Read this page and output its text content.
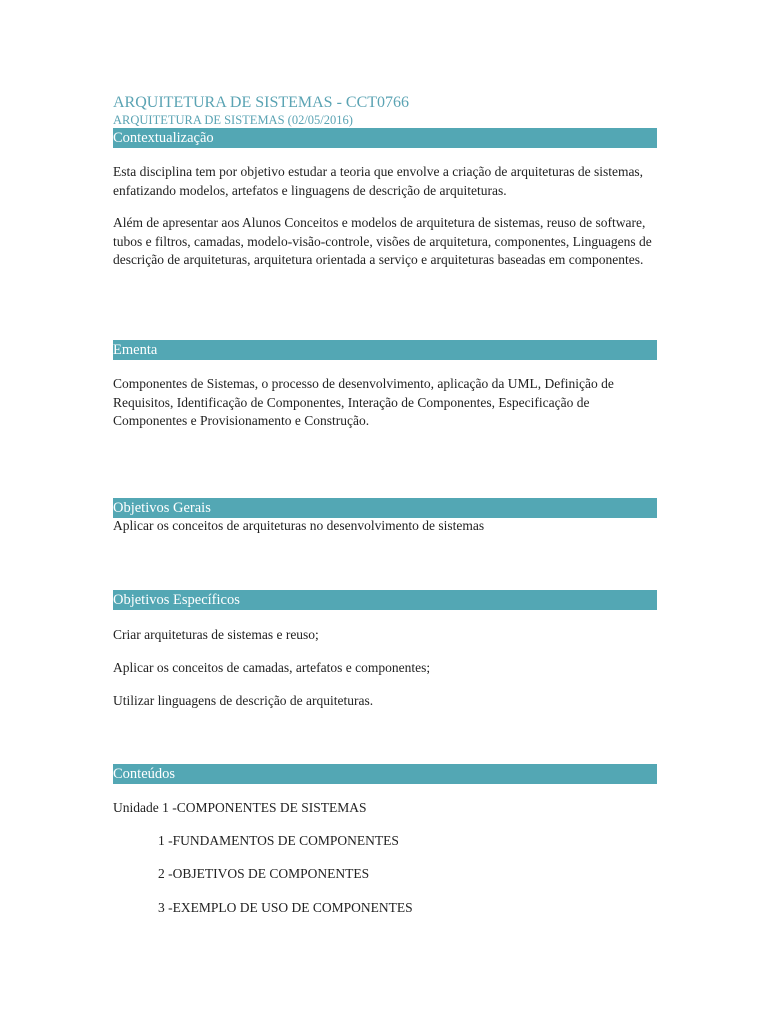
ARQUITETURA DE SISTEMAS - CCT0766
ARQUITETURA DE SISTEMAS (02/05/2016)
Contextualização
Esta disciplina tem por objetivo estudar a teoria que envolve a criação de arquiteturas de sistemas, enfatizando modelos, artefatos e linguagens de descrição de arquiteturas.
Além de apresentar aos Alunos Conceitos e modelos de arquitetura de sistemas, reuso de software, tubos e filtros, camadas, modelo-visão-controle, visões de arquitetura, componentes, Linguagens de descrição de arquiteturas, arquitetura orientada a serviço e arquiteturas baseadas em componentes.
Ementa
Componentes de Sistemas, o processo de desenvolvimento, aplicação da UML, Definição de Requisitos, Identificação de Componentes, Interação de Componentes, Especificação de Componentes e Provisionamento e Construção.
Objetivos Gerais
Aplicar os conceitos de arquiteturas no desenvolvimento de sistemas
Objetivos Específicos
Criar arquiteturas de sistemas e reuso;
Aplicar os conceitos de camadas, artefatos e componentes;
Utilizar linguagens de descrição de arquiteturas.
Conteúdos
Unidade 1 -COMPONENTES DE SISTEMAS
1 -FUNDAMENTOS DE COMPONENTES
2 -OBJETIVOS DE COMPONENTES
3 -EXEMPLO DE USO DE COMPONENTES
